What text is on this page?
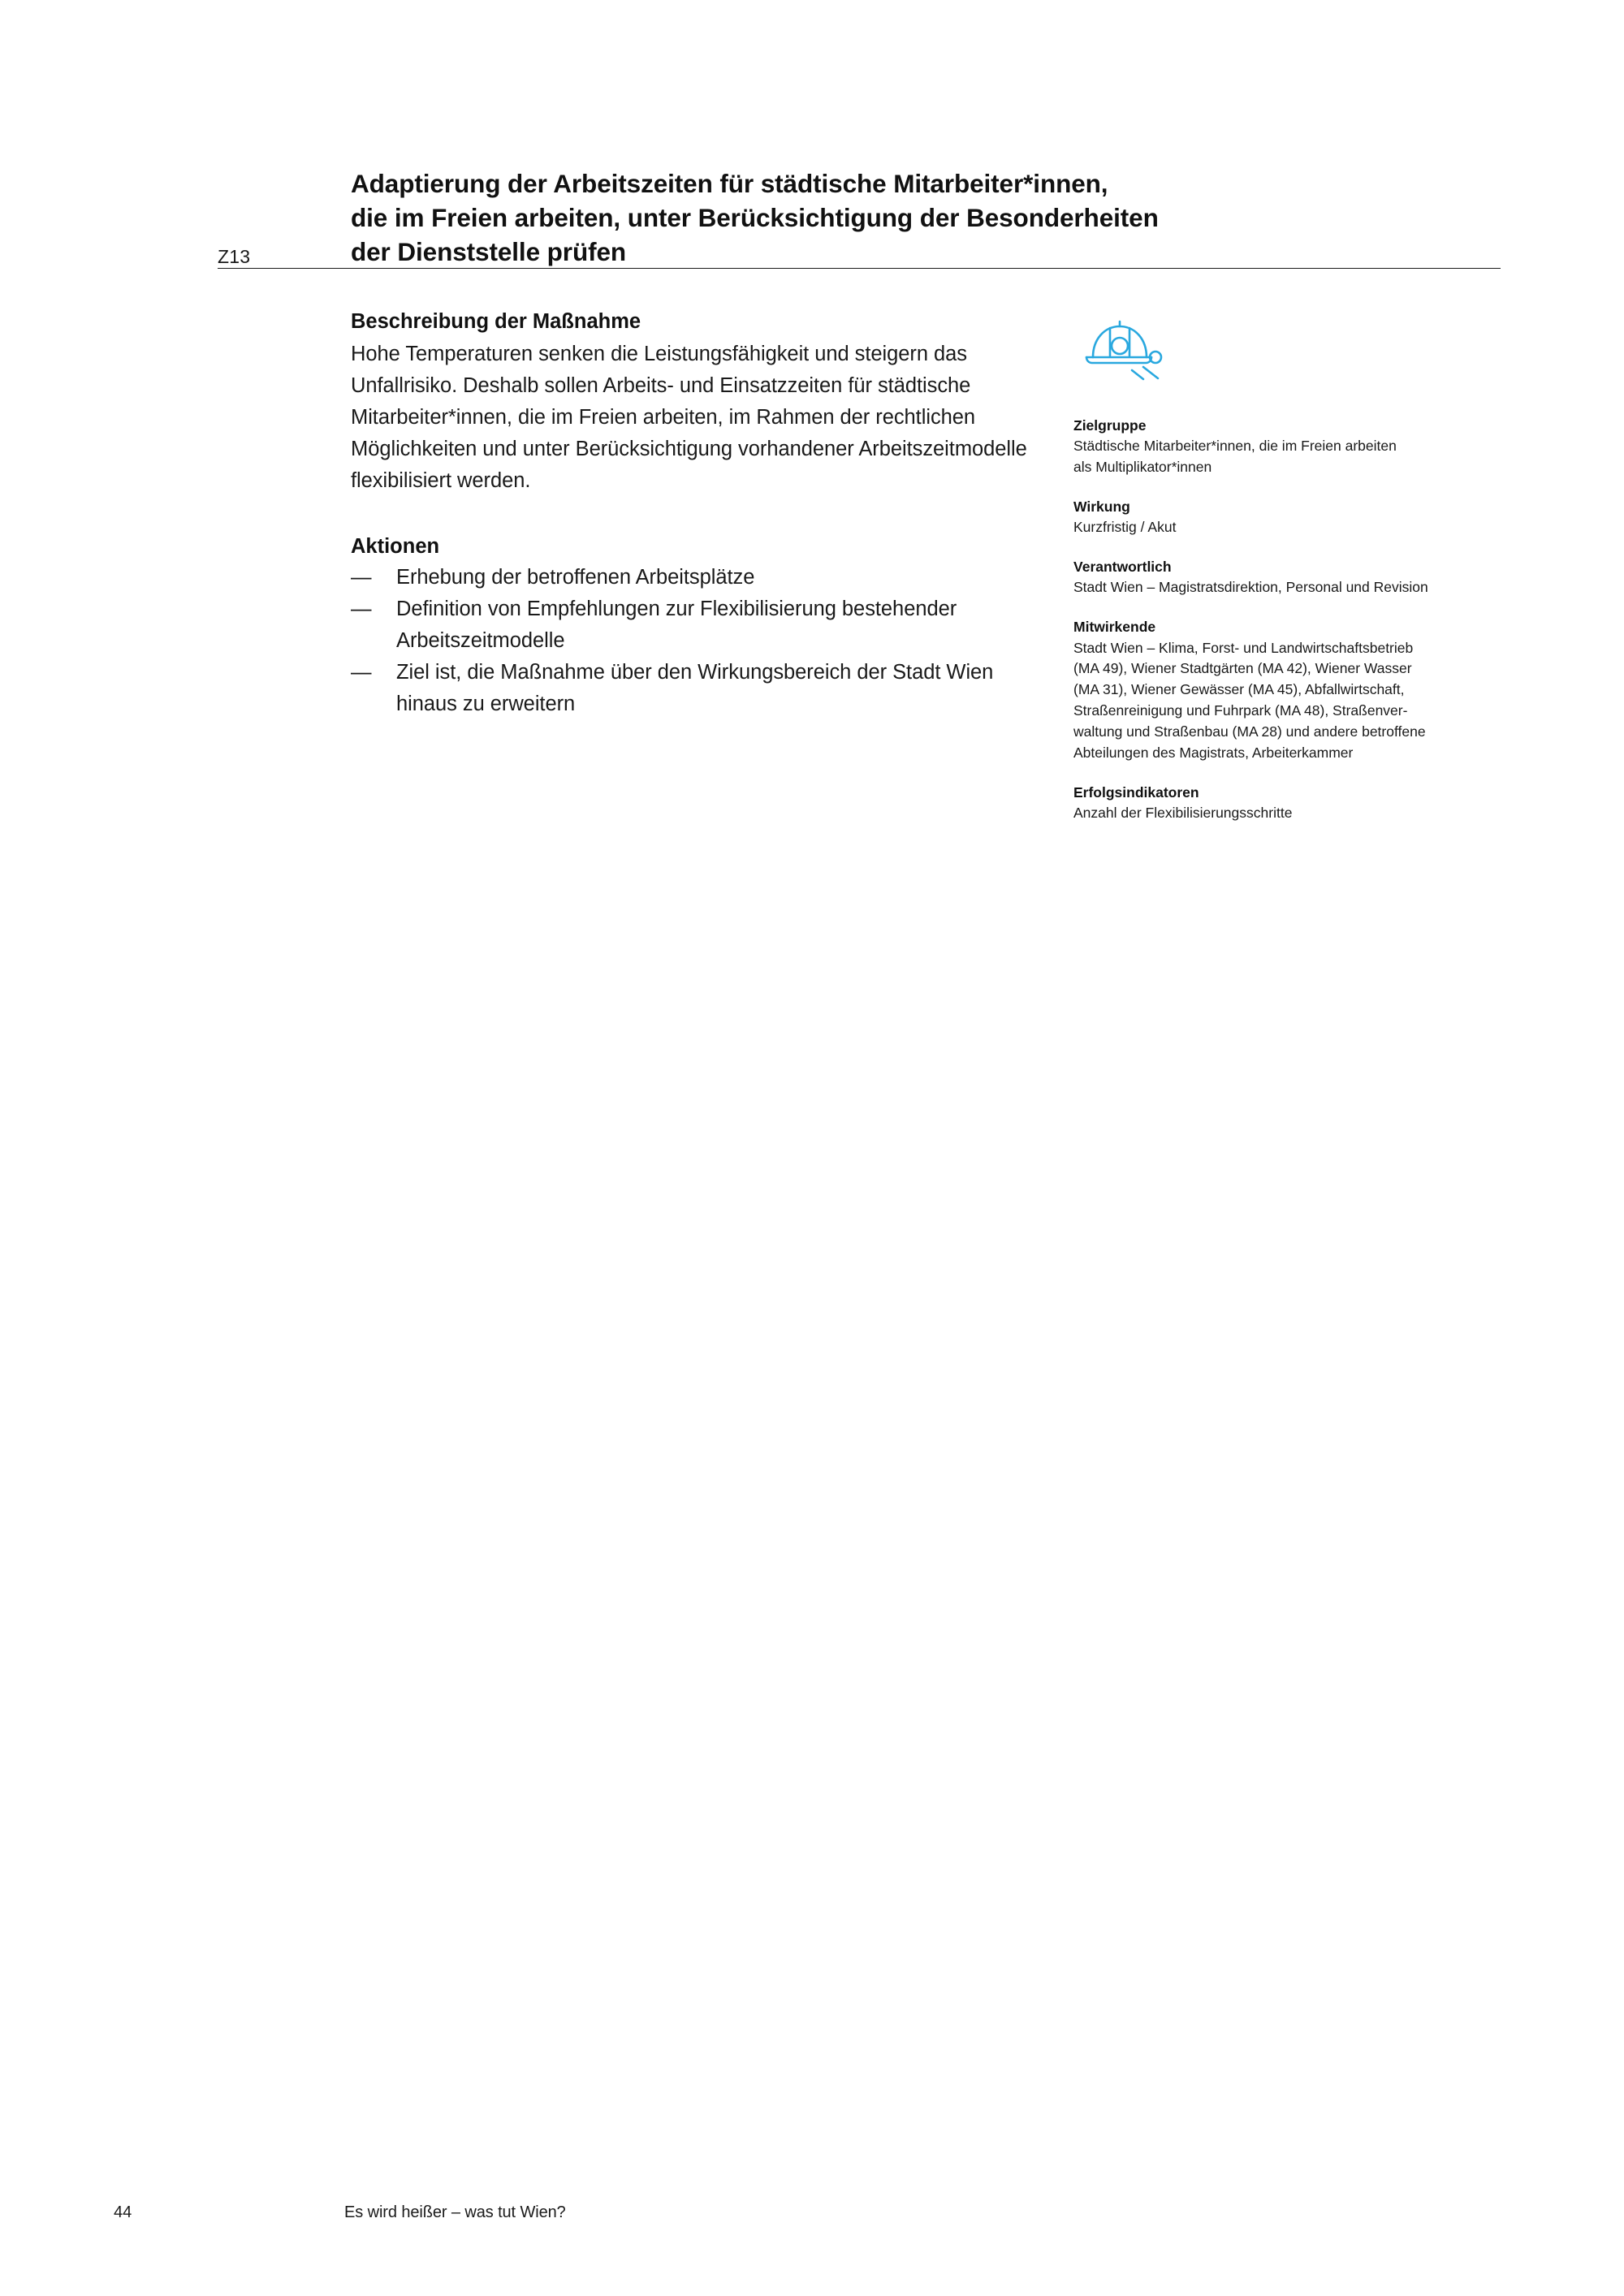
Z13
Adaptierung der Arbeitszeiten für städtische Mitarbeiter*innen,
die im Freien arbeiten, unter Berücksichtigung der Besonderheiten
der Dienststelle prüfen
Beschreibung der Maßnahme

Hohe Temperaturen senken die Leistungsfähigkeit und steigern das Unfallrisiko. Deshalb sollen Arbeits- und Einsatzzeiten für städtische Mitarbeiter*innen, die im Freien arbeiten, im Rahmen der rechtlichen Möglichkeiten und unter Berücksichtigung vorhandener Arbeitszeitmodelle flexibilisiert werden.

Aktionen
—	Erhebung der betroffenen Arbeitsplätze
—	Definition von Empfehlungen zur Flexibilisierung bestehender Arbeitszeitmodelle
—	Ziel ist, die Maßnahme über den Wirkungsbereich der Stadt Wien hinaus zu erweitern
Zielgruppe
Städtische Mitarbeiter*innen, die im Freien arbeiten
als Multiplikator*innen
Wirkung
Kurzfristig / Akut
Verantwortlich
Stadt Wien – Magistratsdirektion, Personal und Revision
Mitwirkende
Stadt Wien – Klima, Forst- und Landwirtschaftsbetrieb
(MA 49), Wiener Stadtgärten (MA 42), Wiener Wasser
(MA 31), Wiener Gewässer (MA 45), Abfallwirtschaft,
Straßenreinigung und Fuhrpark (MA 48), Straßenver-
waltung und Straßenbau (MA 28) und andere betroffene
Abteilungen des Magistrats, Arbeiterkammer
Erfolgsindikatoren
Anzahl der Flexibilisierungsschritte
44	Es wird heißer – was tut Wien?
